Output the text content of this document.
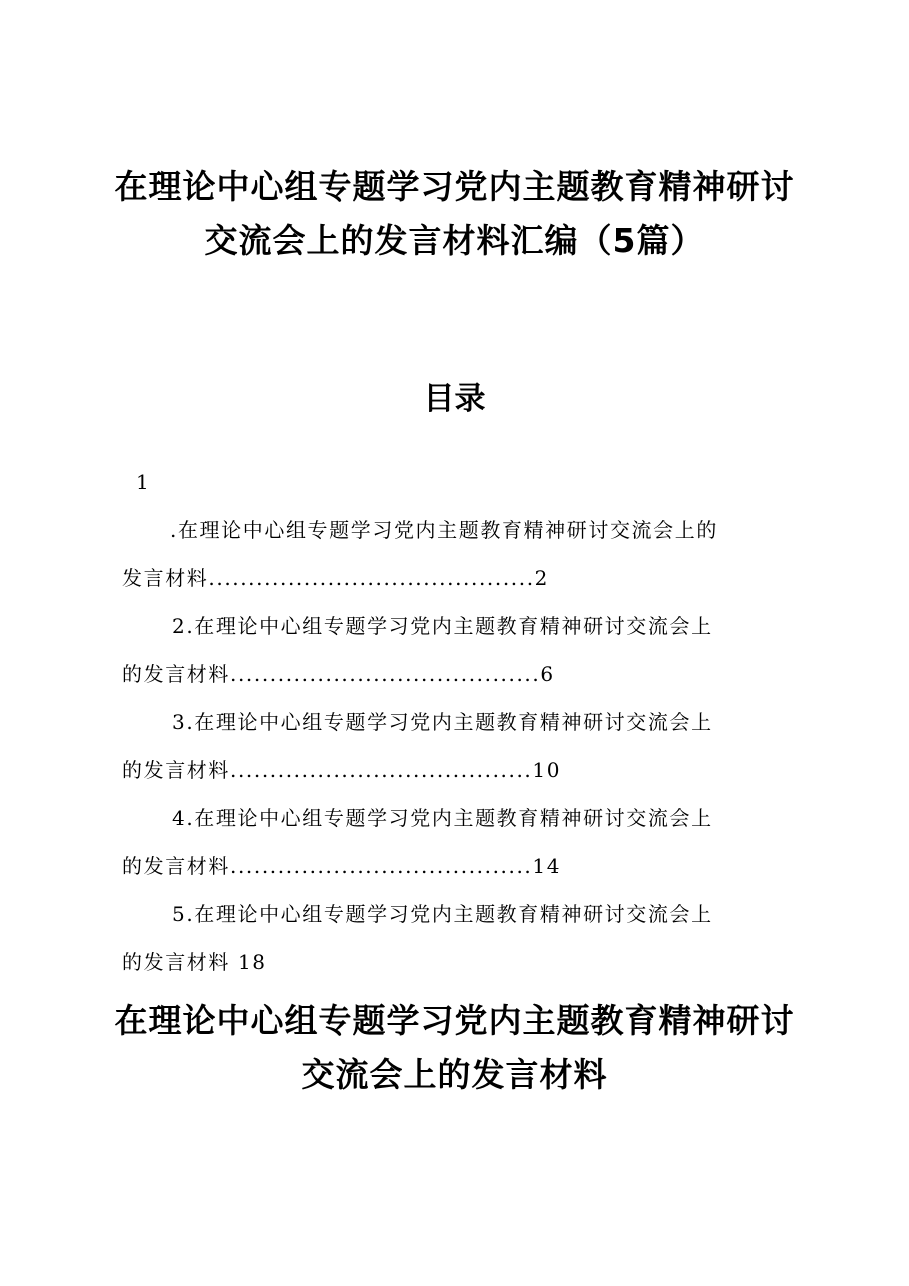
在理论中心组专题学习党内主题教育精神研讨
交流会上的发言材料汇编（5篇）
目录
1
.在理论中心组专题学习党内主题教育精神研讨交流会上的
发言材料.........................................2
2.在理论中心组专题学习党内主题教育精神研讨交流会上
的发言材料.......................................6
3.在理论中心组专题学习党内主题教育精神研讨交流会上
的发言材料......................................10
4.在理论中心组专题学习党内主题教育精神研讨交流会上
的发言材料......................................14
5.在理论中心组专题学习党内主题教育精神研讨交流会上
的发言材料 18
在理论中心组专题学习党内主题教育精神研讨
交流会上的发言材料
